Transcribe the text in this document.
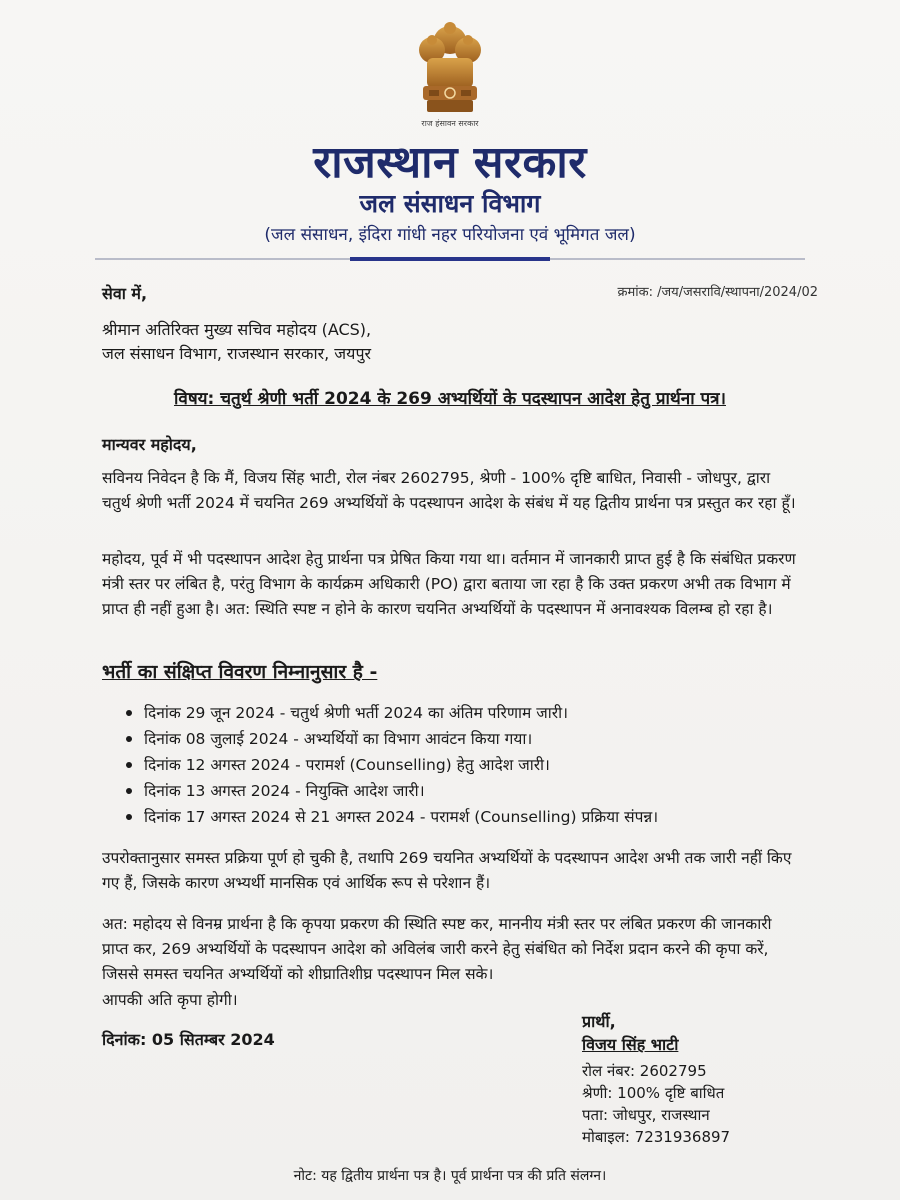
राज हंसावन सरकार
राजस्थान सरकार
जल संसाधन विभाग
(जल संसाधन, इंदिरा गांधी नहर परियोजना एवं भूमिगत जल)
सेवा में,	क्रमांक: /जय/जसरावि/स्थापना/2024/02
श्रीमान अतिरिक्त मुख्य सचिव महोदय (ACS),
जल संसाधन विभाग, राजस्थान सरकार, जयपुर
विषय: चतुर्थ श्रेणी भर्ती 2024 के 269 अभ्यर्थियों के पदस्थापन आदेश हेतु प्रार्थना पत्र।
मान्यवर महोदय,
सविनय निवेदन है कि मैं, विजय सिंह भाटी, रोल नंबर 2602795, श्रेणी - 100% दृष्टि बाधित, निवासी - जोधपुर, द्वारा चतुर्थ श्रेणी भर्ती 2024 में चयनित 269 अभ्यर्थियों के पदस्थापन आदेश के संबंध में यह द्वितीय प्रार्थना पत्र प्रस्तुत कर रहा हूँ।
महोदय, पूर्व में भी पदस्थापन आदेश हेतु प्रार्थना पत्र प्रेषित किया गया था। वर्तमान में जानकारी प्राप्त हुई है कि संबंधित प्रकरण मंत्री स्तर पर लंबित है, परंतु विभाग के कार्यक्रम अधिकारी (PO) द्वारा बताया जा रहा है कि उक्त प्रकरण अभी तक विभाग में प्राप्त ही नहीं हुआ है। अत: स्थिति स्पष्ट न होने के कारण चयनित अभ्यर्थियों के पदस्थापन में अनावश्यक विलम्ब हो रहा है।
भर्ती का संक्षिप्त विवरण निम्नानुसार है -
दिनांक 29 जून 2024 - चतुर्थ श्रेणी भर्ती 2024 का अंतिम परिणाम जारी।
दिनांक 08 जुलाई 2024 - अभ्यर्थियों का विभाग आवंटन किया गया।
दिनांक 12 अगस्त 2024 - परामर्श (Counselling) हेतु आदेश जारी।
दिनांक 13 अगस्त 2024 - नियुक्ति आदेश जारी।
दिनांक 17 अगस्त 2024 से 21 अगस्त 2024 - परामर्श (Counselling) प्रक्रिया संपन्न।
उपरोक्तानुसार समस्त प्रक्रिया पूर्ण हो चुकी है, तथापि 269 चयनित अभ्यर्थियों के पदस्थापन आदेश अभी तक जारी नहीं किए गए हैं, जिसके कारण अभ्यर्थी मानसिक एवं आर्थिक रूप से परेशान हैं।
अत: महोदय से विनम्र प्रार्थना है कि कृपया प्रकरण की स्थिति स्पष्ट कर, माननीय मंत्री स्तर पर लंबित प्रकरण की जानकारी प्राप्त कर, 269 अभ्यर्थियों के पदस्थापन आदेश को अविलंब जारी करने हेतु संबंधित को निर्देश प्रदान करने की कृपा करें, जिससे समस्त चयनित अभ्यर्थियों को शीघ्रातिशीघ्र पदस्थापन मिल सके।
आपकी अति कृपा होगी।
दिनांक: 05 सितम्बर 2024
प्रार्थी,
विजय सिंह भाटी
रोल नंबर: 2602795
श्रेणी: 100% दृष्टि बाधित
पता: जोधपुर, राजस्थान
मोबाइल: 7231936897
नोट: यह द्वितीय प्रार्थना पत्र है। पूर्व प्रार्थना पत्र की प्रति संलग्न।
